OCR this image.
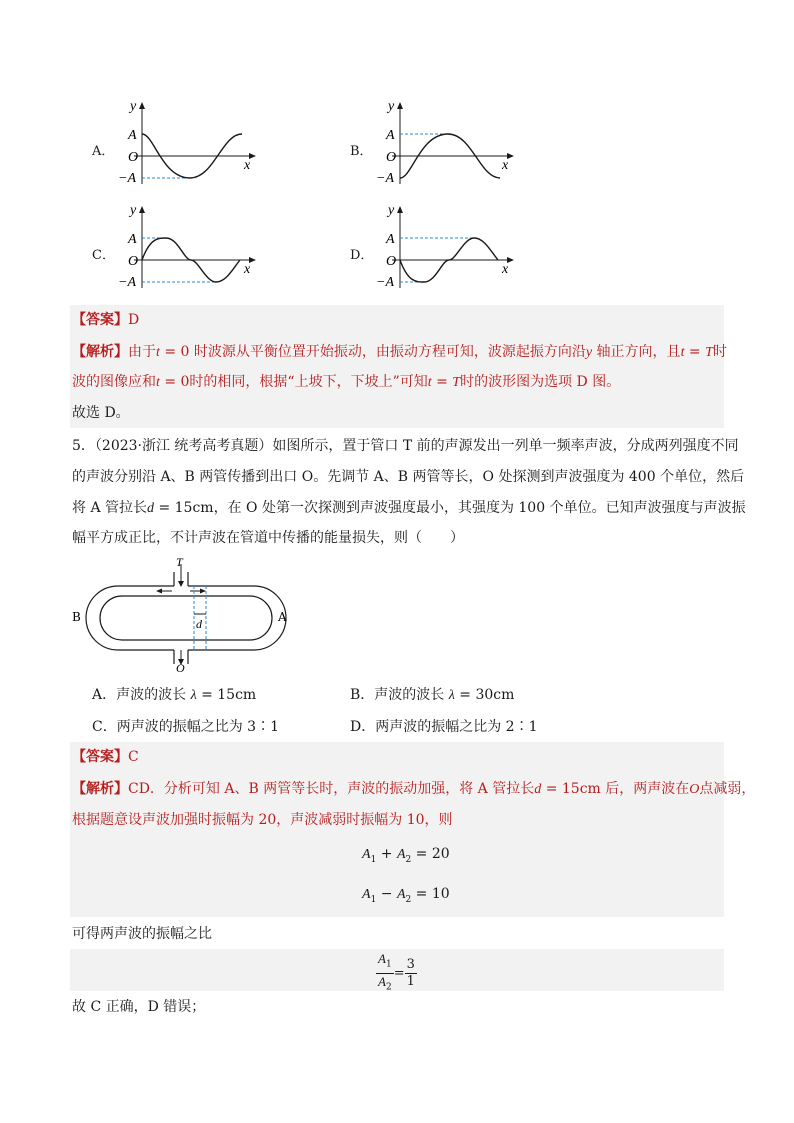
A．	B．
C．	D．
y
A
O
−A
x
y
A
O
−A
x
y
A
O
−A
x
y
A
O
−A
x
【答案】D
【解析】由于t = 0 时波源从平衡位置开始振动，由振动方程可知，波源起振方向沿y 轴正方向，且t = T时
波的图像应和t = 0时的相同，根据“上坡下，下坡上”可知t = T时的波形图为选项 D 图。
故选 D。
5．（2023·浙江 统考高考真题）如图所示，置于管口 T 前的声源发出一列单一频率声波，分成两列强度不同
的声波分别沿 A、B 两管传播到出口 O。先调节 A、B 两管等长，O 处探测到声波强度为 400 个单位，然后
将 A 管拉长d = 15cm，在 O 处第一次探测到声波强度最小，其强度为 100 个单位。已知声波强度与声波振
幅平方成正比，不计声波在管道中传播的能量损失，则（　　）
T
O
A
B	d
A．声波的波长 λ = 15cm	B．声波的波长 λ = 30cm
C．两声波的振幅之比为 3∶1	D．两声波的振幅之比为 2∶1
【答案】C
【解析】CD．分析可知 A、B 两管等长时，声波的振动加强，将 A 管拉长d = 15cm 后，两声波在O点减弱，
根据题意设声波加强时振幅为 20，声波减弱时振幅为 10，则
$A_1 + A_2 = 20$
$A_1 - A_2 = 10$
可得两声波的振幅之比
$\frac{A_1}{A_2} = \frac{3}{1}$
故 C 正确，D 错误；
